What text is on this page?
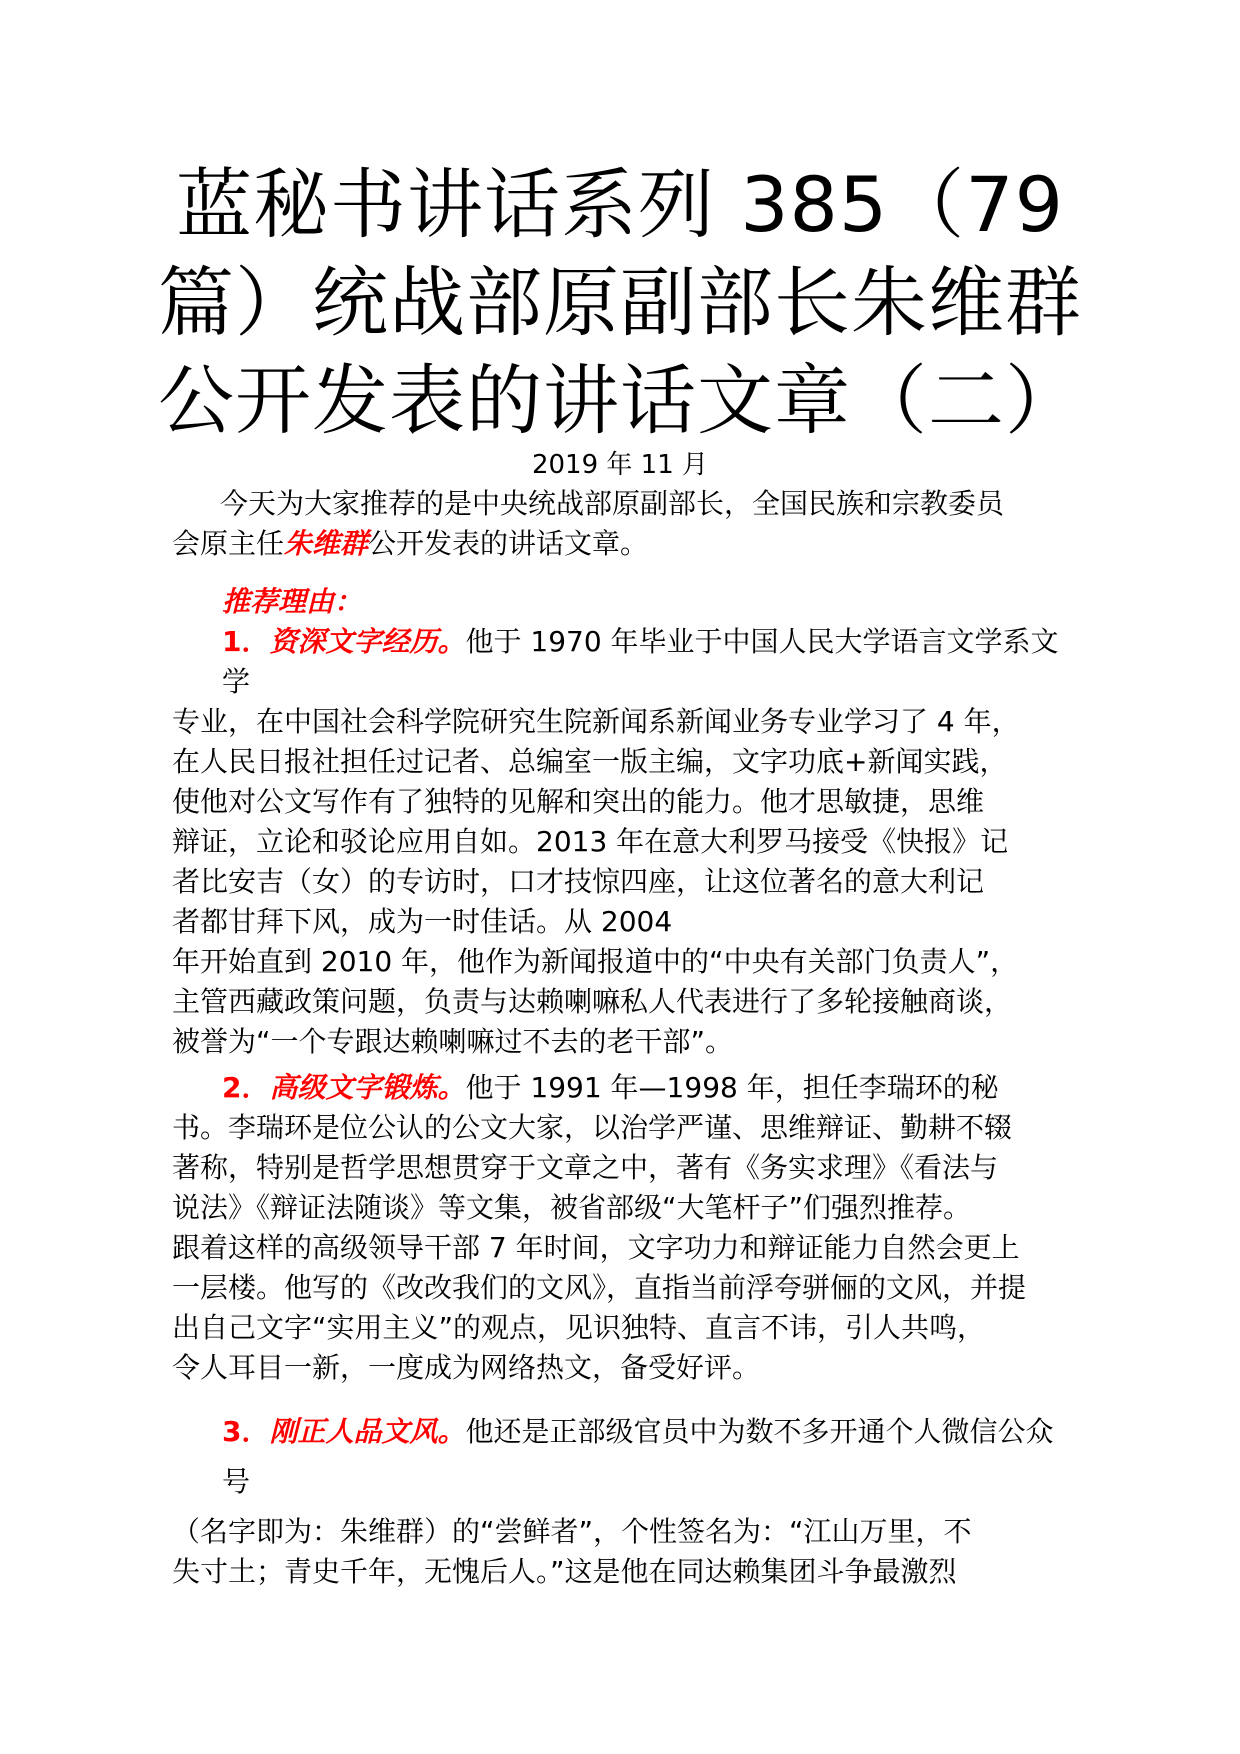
蓝秘书讲话系列 385（79 篇）统战部原副部长朱维群公开发表的讲话文章（二）
2019 年 11 月
今天为大家推荐的是中央统战部原副部长，全国民族和宗教委员
会原主任朱维群公开发表的讲话文章。
推荐理由：
1．资深文字经历。他于 1970 年毕业于中国人民大学语言文学系文
学
专业，在中国社会科学院研究生院新闻系新闻业务专业学习了 4 年，
在人民日报社担任过记者、总编室一版主编，文字功底+新闻实践，
使他对公文写作有了独特的见解和突出的能力。他才思敏捷，思维
辩证，立论和驳论应用自如。2013 年在意大利罗马接受《快报》记
者比安吉（女）的专访时，口才技惊四座，让这位著名的意大利记
者都甘拜下风，成为一时佳话。从 2004
年开始直到 2010 年，他作为新闻报道中的“中央有关部门负责人”，
主管西藏政策问题，负责与达赖喇嘛私人代表进行了多轮接触商谈，
被誉为“一个专跟达赖喇嘛过不去的老干部”。
2．高级文字锻炼。他于 1991 年—1998 年，担任李瑞环的秘
书。李瑞环是位公认的公文大家，以治学严谨、思维辩证、勤耕不辍
著称，特别是哲学思想贯穿于文章之中，著有《务实求理》《看法与
说法》《辩证法随谈》等文集，被省部级“大笔杆子”们强烈推荐。
跟着这样的高级领导干部 7 年时间，文字功力和辩证能力自然会更上
一层楼。他写的《改改我们的文风》，直指当前浮夸骈俪的文风，并提
出自己文字“实用主义”的观点，见识独特、直言不讳，引人共鸣，
令人耳目一新，一度成为网络热文，备受好评。
3．刚正人品文风。他还是正部级官员中为数不多开通个人微信公众
号
（名字即为：朱维群）的“尝鲜者”，个性签名为：“江山万里，不
失寸土；青史千年，无愧后人。”这是他在同达赖集团斗争最激烈
